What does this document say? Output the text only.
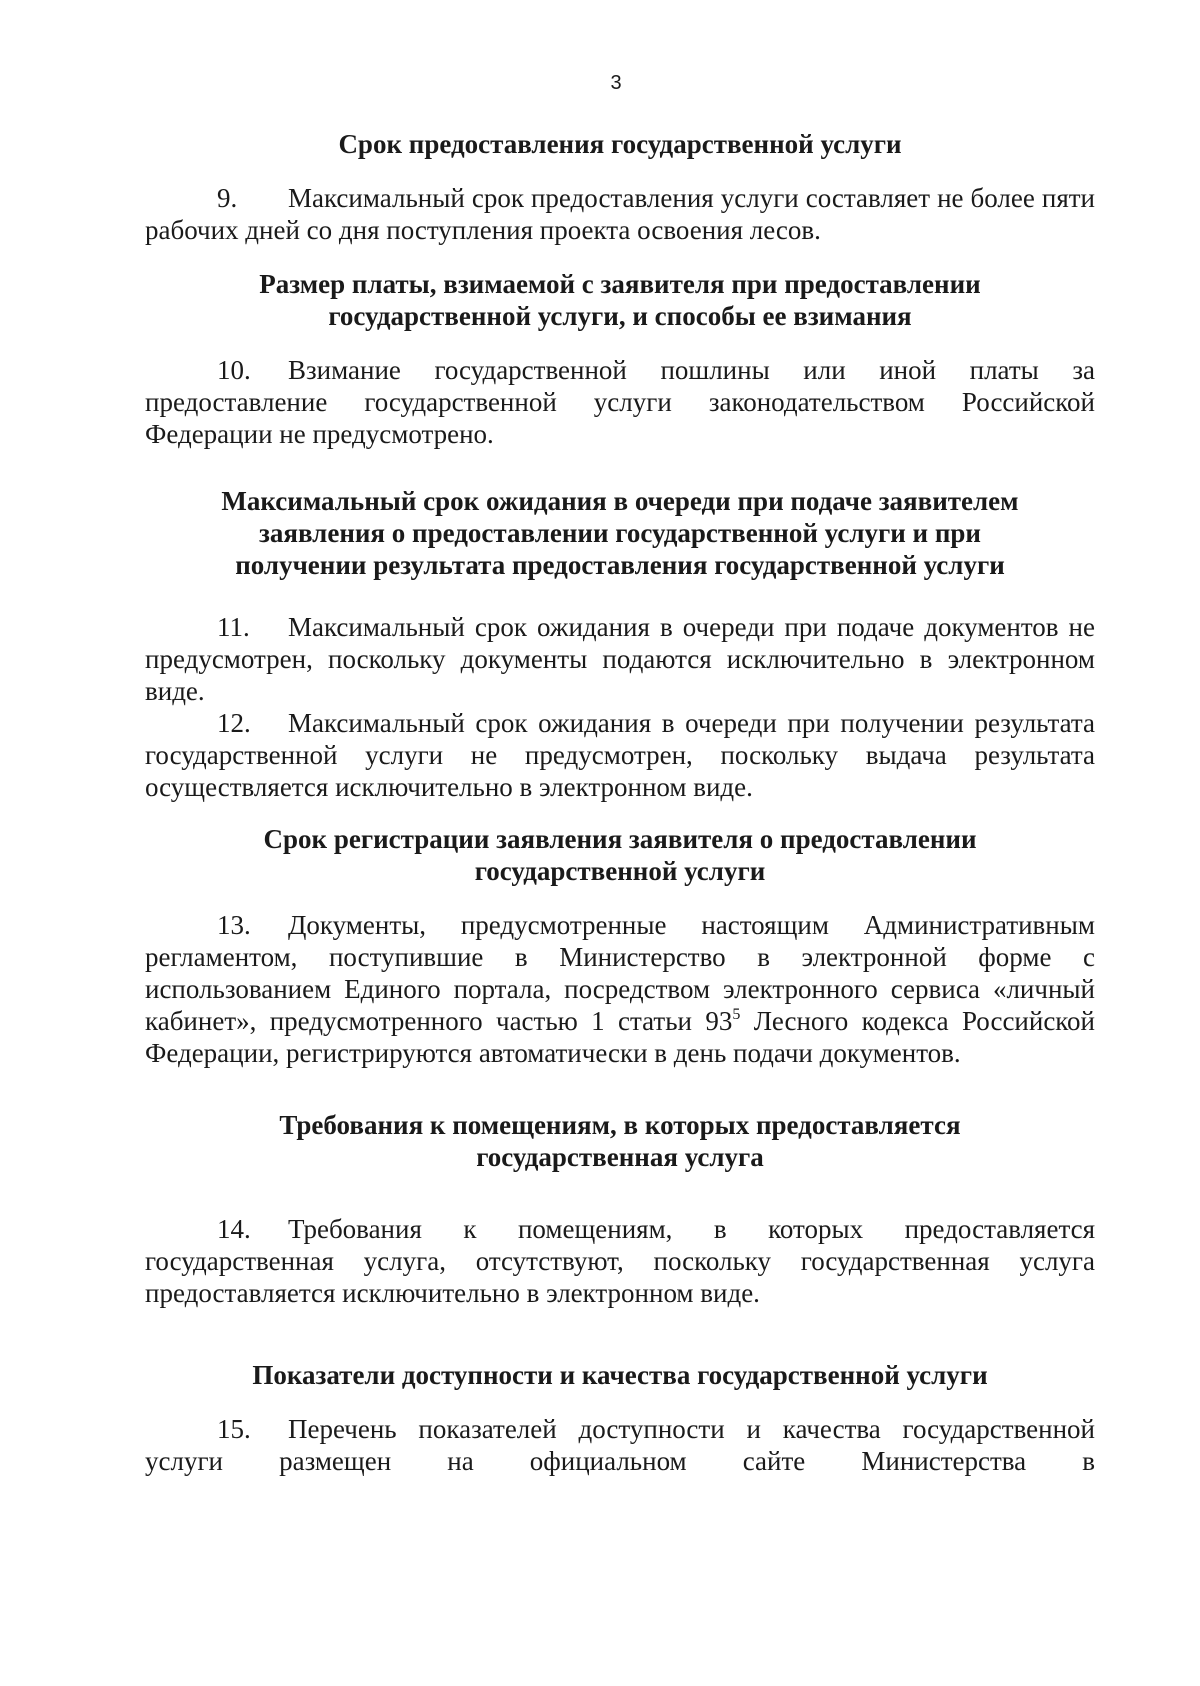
3

Срок предоставления государственной услуги

9. Максимальный срок предоставления услуги составляет не более пяти рабочих дней со дня поступления проекта освоения лесов.

Размер платы, взимаемой с заявителя при предоставлении

государственной услуги, и способы ее взимания

10. Взимание государственной пошлины или иной платы за предоставление государственной услуги законодательством Российской Федерации не предусмотрено.

Максимальный срок ожидания в очереди при подаче заявителем

заявления о предоставлении государственной услуги и при

получении результата предоставления государственной услуги

11. Максимальный срок ожидания в очереди при подаче документов не предусмотрен, поскольку документы подаются исключительно в электронном виде.

12. Максимальный срок ожидания в очереди при получении результата государственной услуги не предусмотрен, поскольку выдача результата осуществляется исключительно в электронном виде.

Срок регистрации заявления заявителя о предоставлении

государственной услуги

13. Документы, предусмотренные настоящим Административным регламентом, поступившие в Министерство в электронной форме с использованием Единого портала, посредством электронного сервиса «личный кабинет», предусмотренного частью 1 статьи $93^5$ Лесного кодекса Российской Федерации, регистрируются автоматически в день подачи документов.

Требования к помещениям, в которых предоставляется

государственная услуга

14. Требования к помещениям, в которых предоставляется государственная услуга, отсутствуют, поскольку государственная услуга предоставляется исключительно в электронном виде.

Показатели доступности и качества государственной услуги

15. Перечень показателей доступности и качества государственной услуги размещен на официальном сайте Министерства в
